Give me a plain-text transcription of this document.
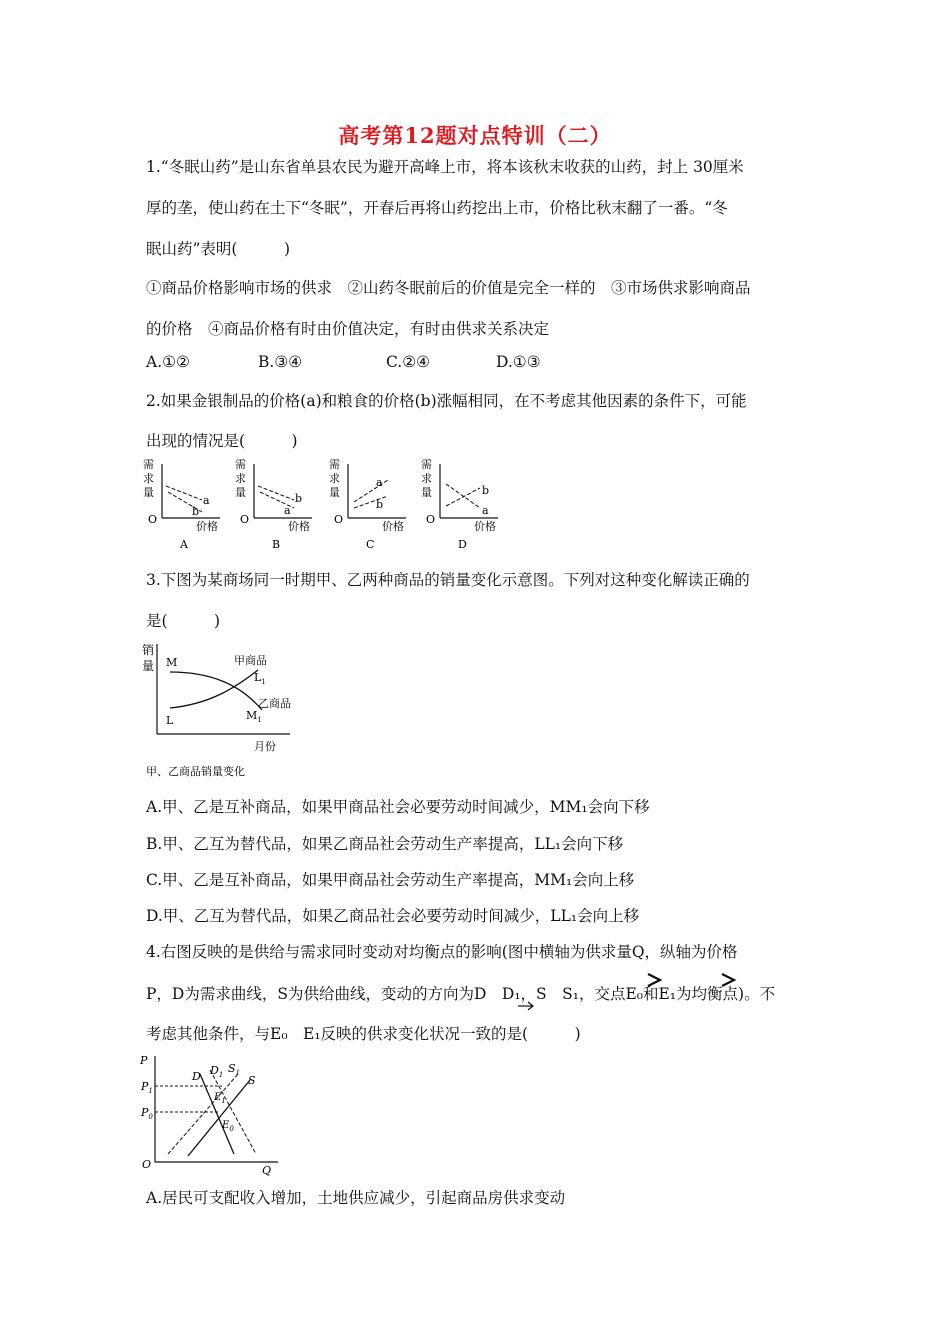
高考第12题对点特训（二）
1.“冬眠山药”是山东省单县农民为避开高峰上市，将本该秋末收获的山药，封上 30厘米
厚的垄，使山药在土下“冬眠”，开春后再将山药挖出上市，价格比秋末翻了一番。“冬
眠山药”表明(　　　)
①商品价格影响市场的供求　②山药冬眠前后的价值是完全一样的　③市场供求影响商品
的价格　④商品价格有时由价值决定，有时由供求关系决定
A.①②	B.③④	C.②④	D.①③
2.如果金银制品的价格(a)和粮食的价格(b)涨幅相同，在不考虑其他因素的条件下，可能
出现的情况是(　　　)
需
求
量
O
价格
a
b
A
需
求
量
O
价格
b
a
B
需
求
量
O
价格
a
b
C
需
求
量
O
价格
b
a
D
3.下图为某商场同一时期甲、乙两种商品的销量变化示意图。下列对这种变化解读正确的
是(　　　)
销
量 M
L
甲商品
$L_1$
乙商品
$M_1$
月份
甲、乙商品销量变化
A.甲、乙是互补商品，如果甲商品社会必要劳动时间减少，MM₁会向下移
B.甲、乙互为替代品，如果乙商品社会劳动生产率提高，LL₁会向下移
C.甲、乙是互补商品，如果甲商品社会劳动生产率提高，MM₁会向上移
D.甲、乙互为替代品，如果乙商品社会必要劳动时间减少，LL₁会向上移
4.右图反映的是供给与需求同时变动对均衡点的影响(图中横轴为供求量Q，纵轴为价格
P，D为需求曲线，S为供给曲线，变动的方向为D　D₁，S　S₁，交点E₀和E₁为均衡点)。不
考虑其他条件，与E₀　E₁反映的供求变化状况一致的是(　　　)
P
O	Q
$P_1$
$P_0$
D $D_1$ $S_1$
S
$E_1$
$E_0$
A.居民可支配收入增加，土地供应减少，引起商品房供求变动
